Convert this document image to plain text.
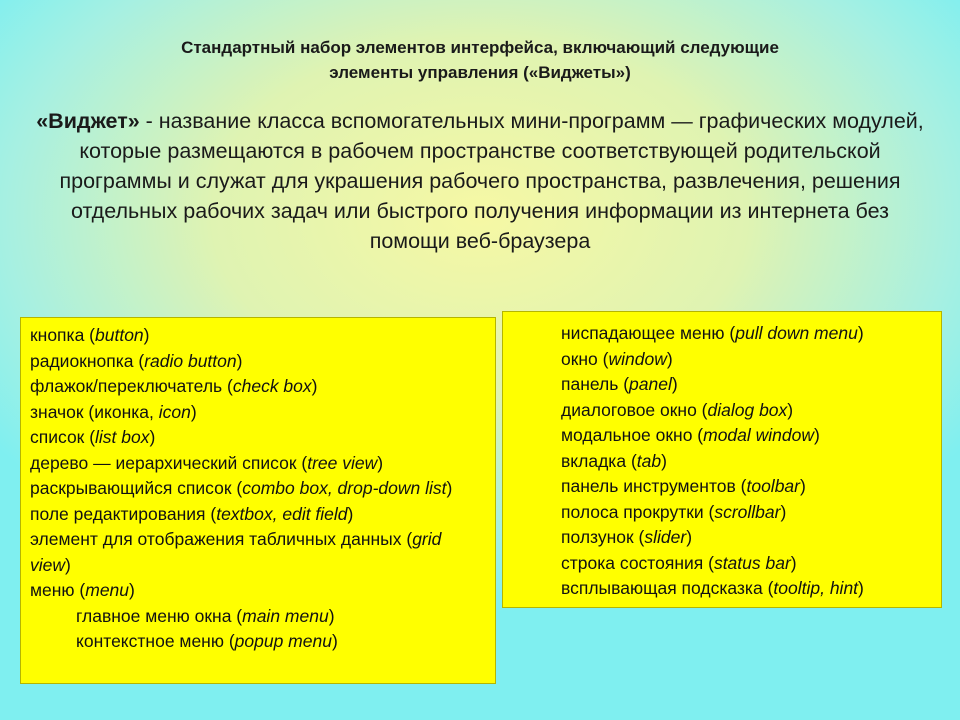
Стандартный набор элементов интерфейса, включающий следующие
элементы управления («Виджеты»)
«Виджет» - название класса вспомогательных мини-программ — графических модулей, которые размещаются в рабочем пространстве соответствующей родительской программы и служат для украшения рабочего пространства, развлечения, решения отдельных рабочих задач или быстрого получения информации из интернета без помощи веб-браузера
кнопка (button)
радиокнопка (radio button)
флажок/переключатель (check box)
значок (иконка, icon)
список (list box)
дерево — иерархический список (tree view)
раскрывающийся список (combo box, drop-down list)
поле редактирования (textbox, edit field)
элемент для отображения табличных данных (grid view)
меню (menu)
главное меню окна (main menu)
контекстное меню (popup menu)
ниспадающее меню (pull down menu)
окно (window)
панель (panel)
диалоговое окно (dialog box)
модальное окно (modal window)
вкладка (tab)
панель инструментов (toolbar)
полоса прокрутки (scrollbar)
ползунок (slider)
строка состояния (status bar)
всплывающая подсказка (tooltip, hint)
